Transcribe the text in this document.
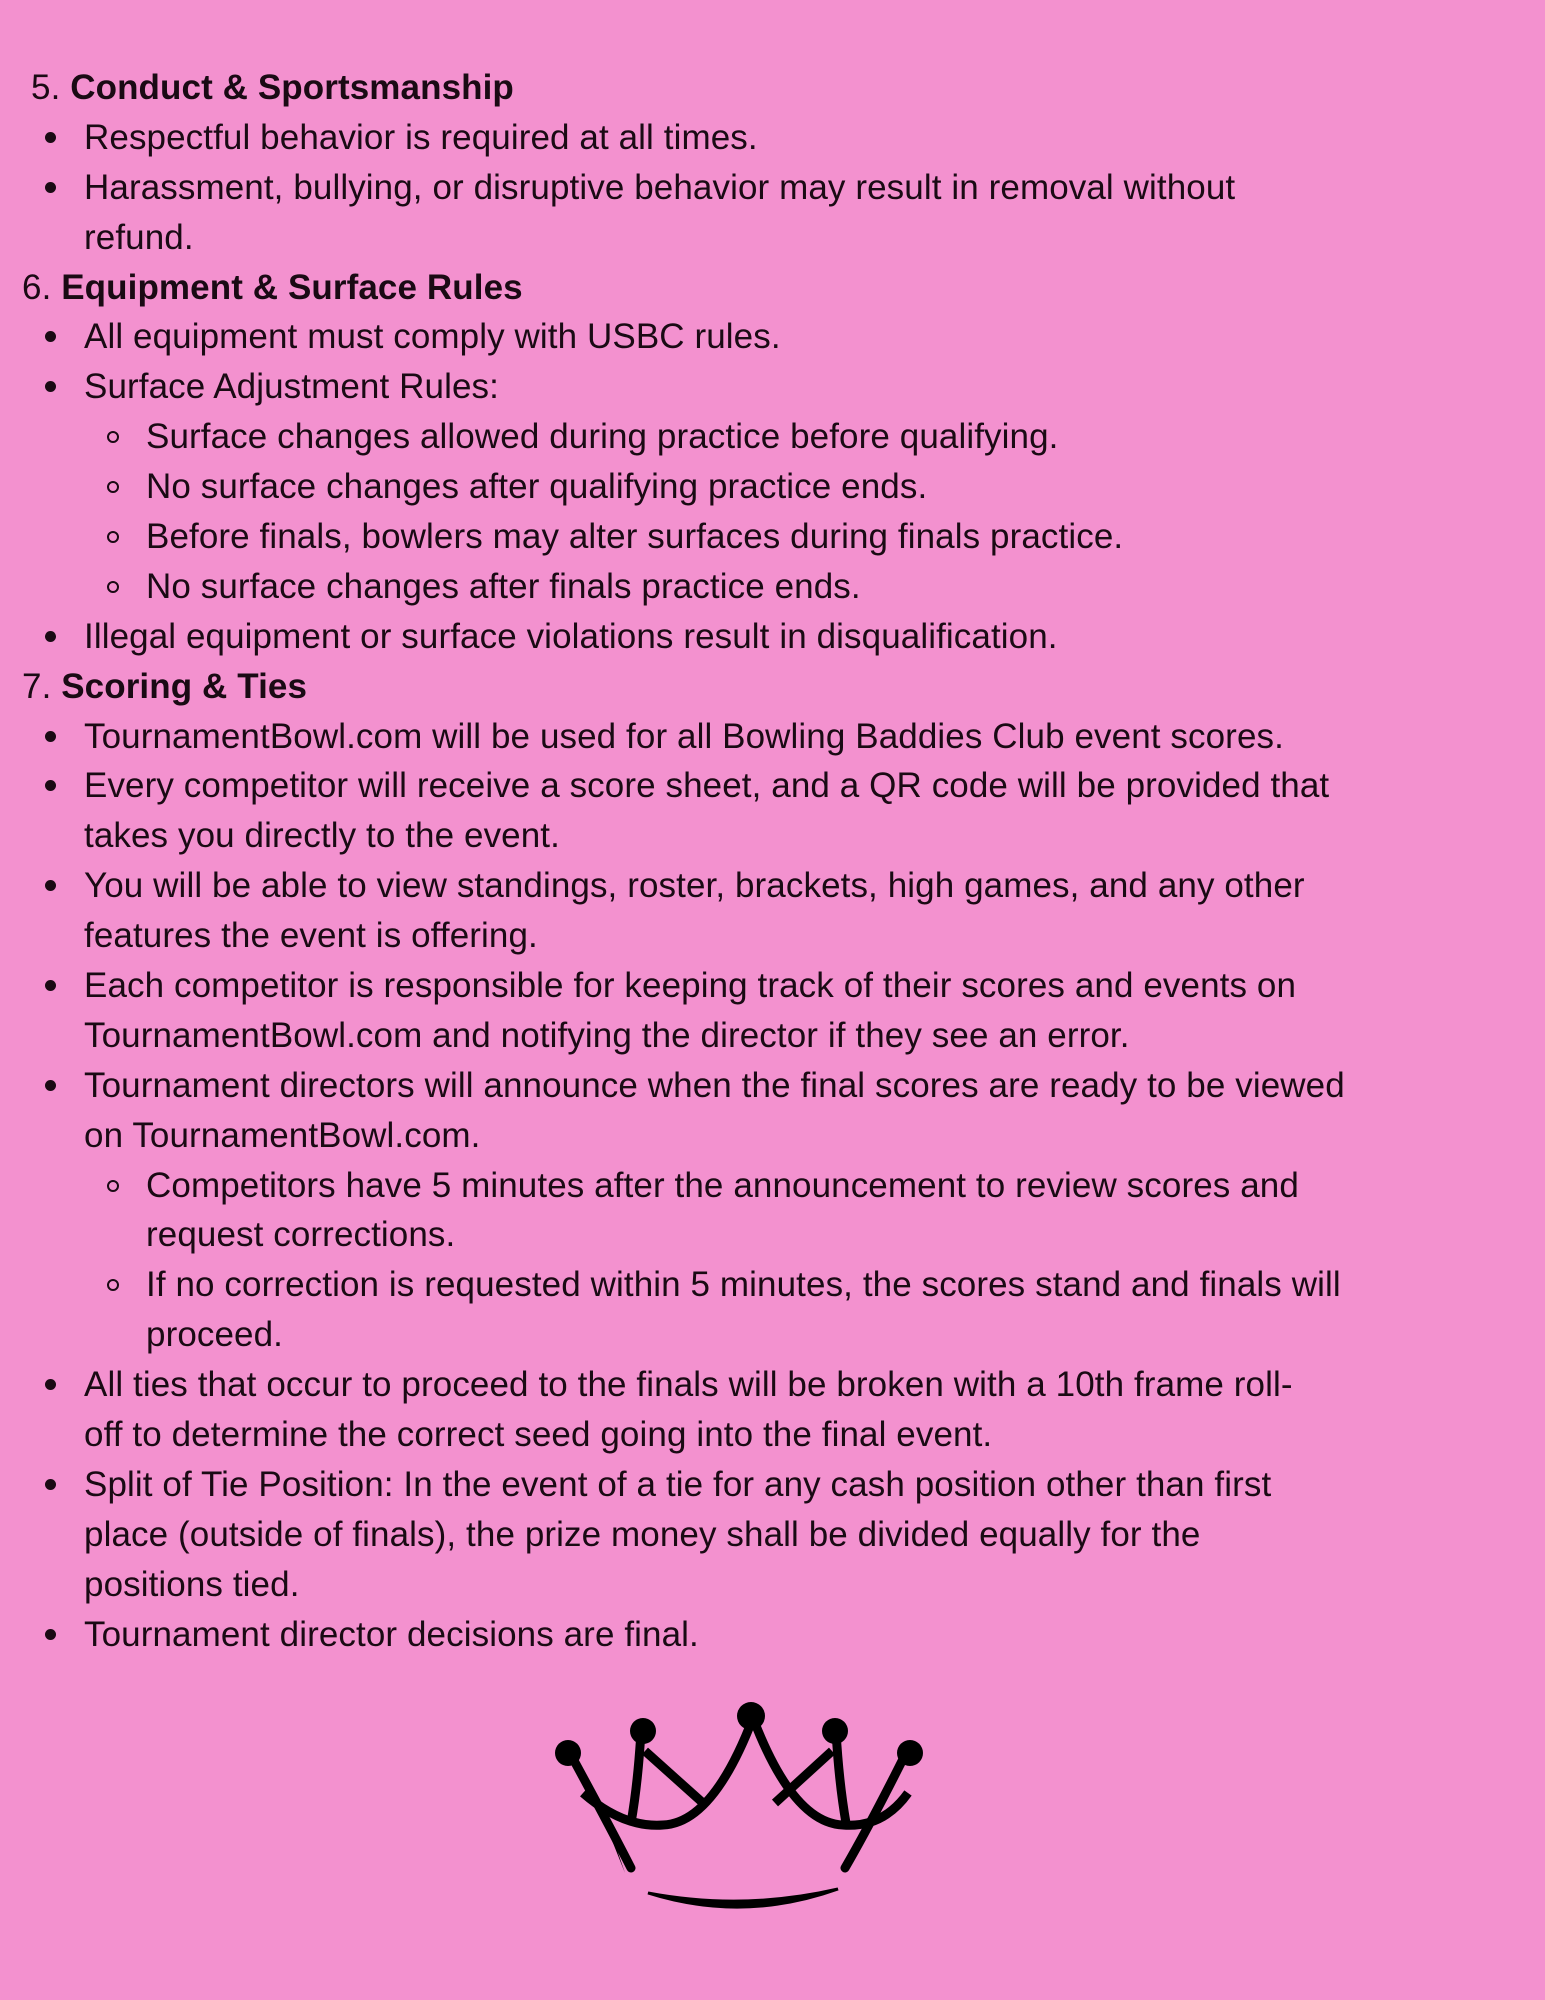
5. Conduct & Sportsmanship
Respectful behavior is required at all times.
Harassment, bullying, or disruptive behavior may result in removal without
refund.
6. Equipment & Surface Rules
All equipment must comply with USBC rules.
Surface Adjustment Rules:
Surface changes allowed during practice before qualifying.
No surface changes after qualifying practice ends.
Before finals, bowlers may alter surfaces during finals practice.
No surface changes after finals practice ends.
Illegal equipment or surface violations result in disqualification.
7. Scoring & Ties
TournamentBowl.com will be used for all Bowling Baddies Club event scores.
Every competitor will receive a score sheet, and a QR code will be provided that
takes you directly to the event.
You will be able to view standings, roster, brackets, high games, and any other
features the event is offering.
Each competitor is responsible for keeping track of their scores and events on
TournamentBowl.com and notifying the director if they see an error.
Tournament directors will announce when the final scores are ready to be viewed
on TournamentBowl.com.
Competitors have 5 minutes after the announcement to review scores and
request corrections.
If no correction is requested within 5 minutes, the scores stand and finals will
proceed.
All ties that occur to proceed to the finals will be broken with a 10th frame roll-
off to determine the correct seed going into the final event.
Split of Tie Position: In the event of a tie for any cash position other than first
place (outside of finals), the prize money shall be divided equally for the
positions tied.
Tournament director decisions are final.
